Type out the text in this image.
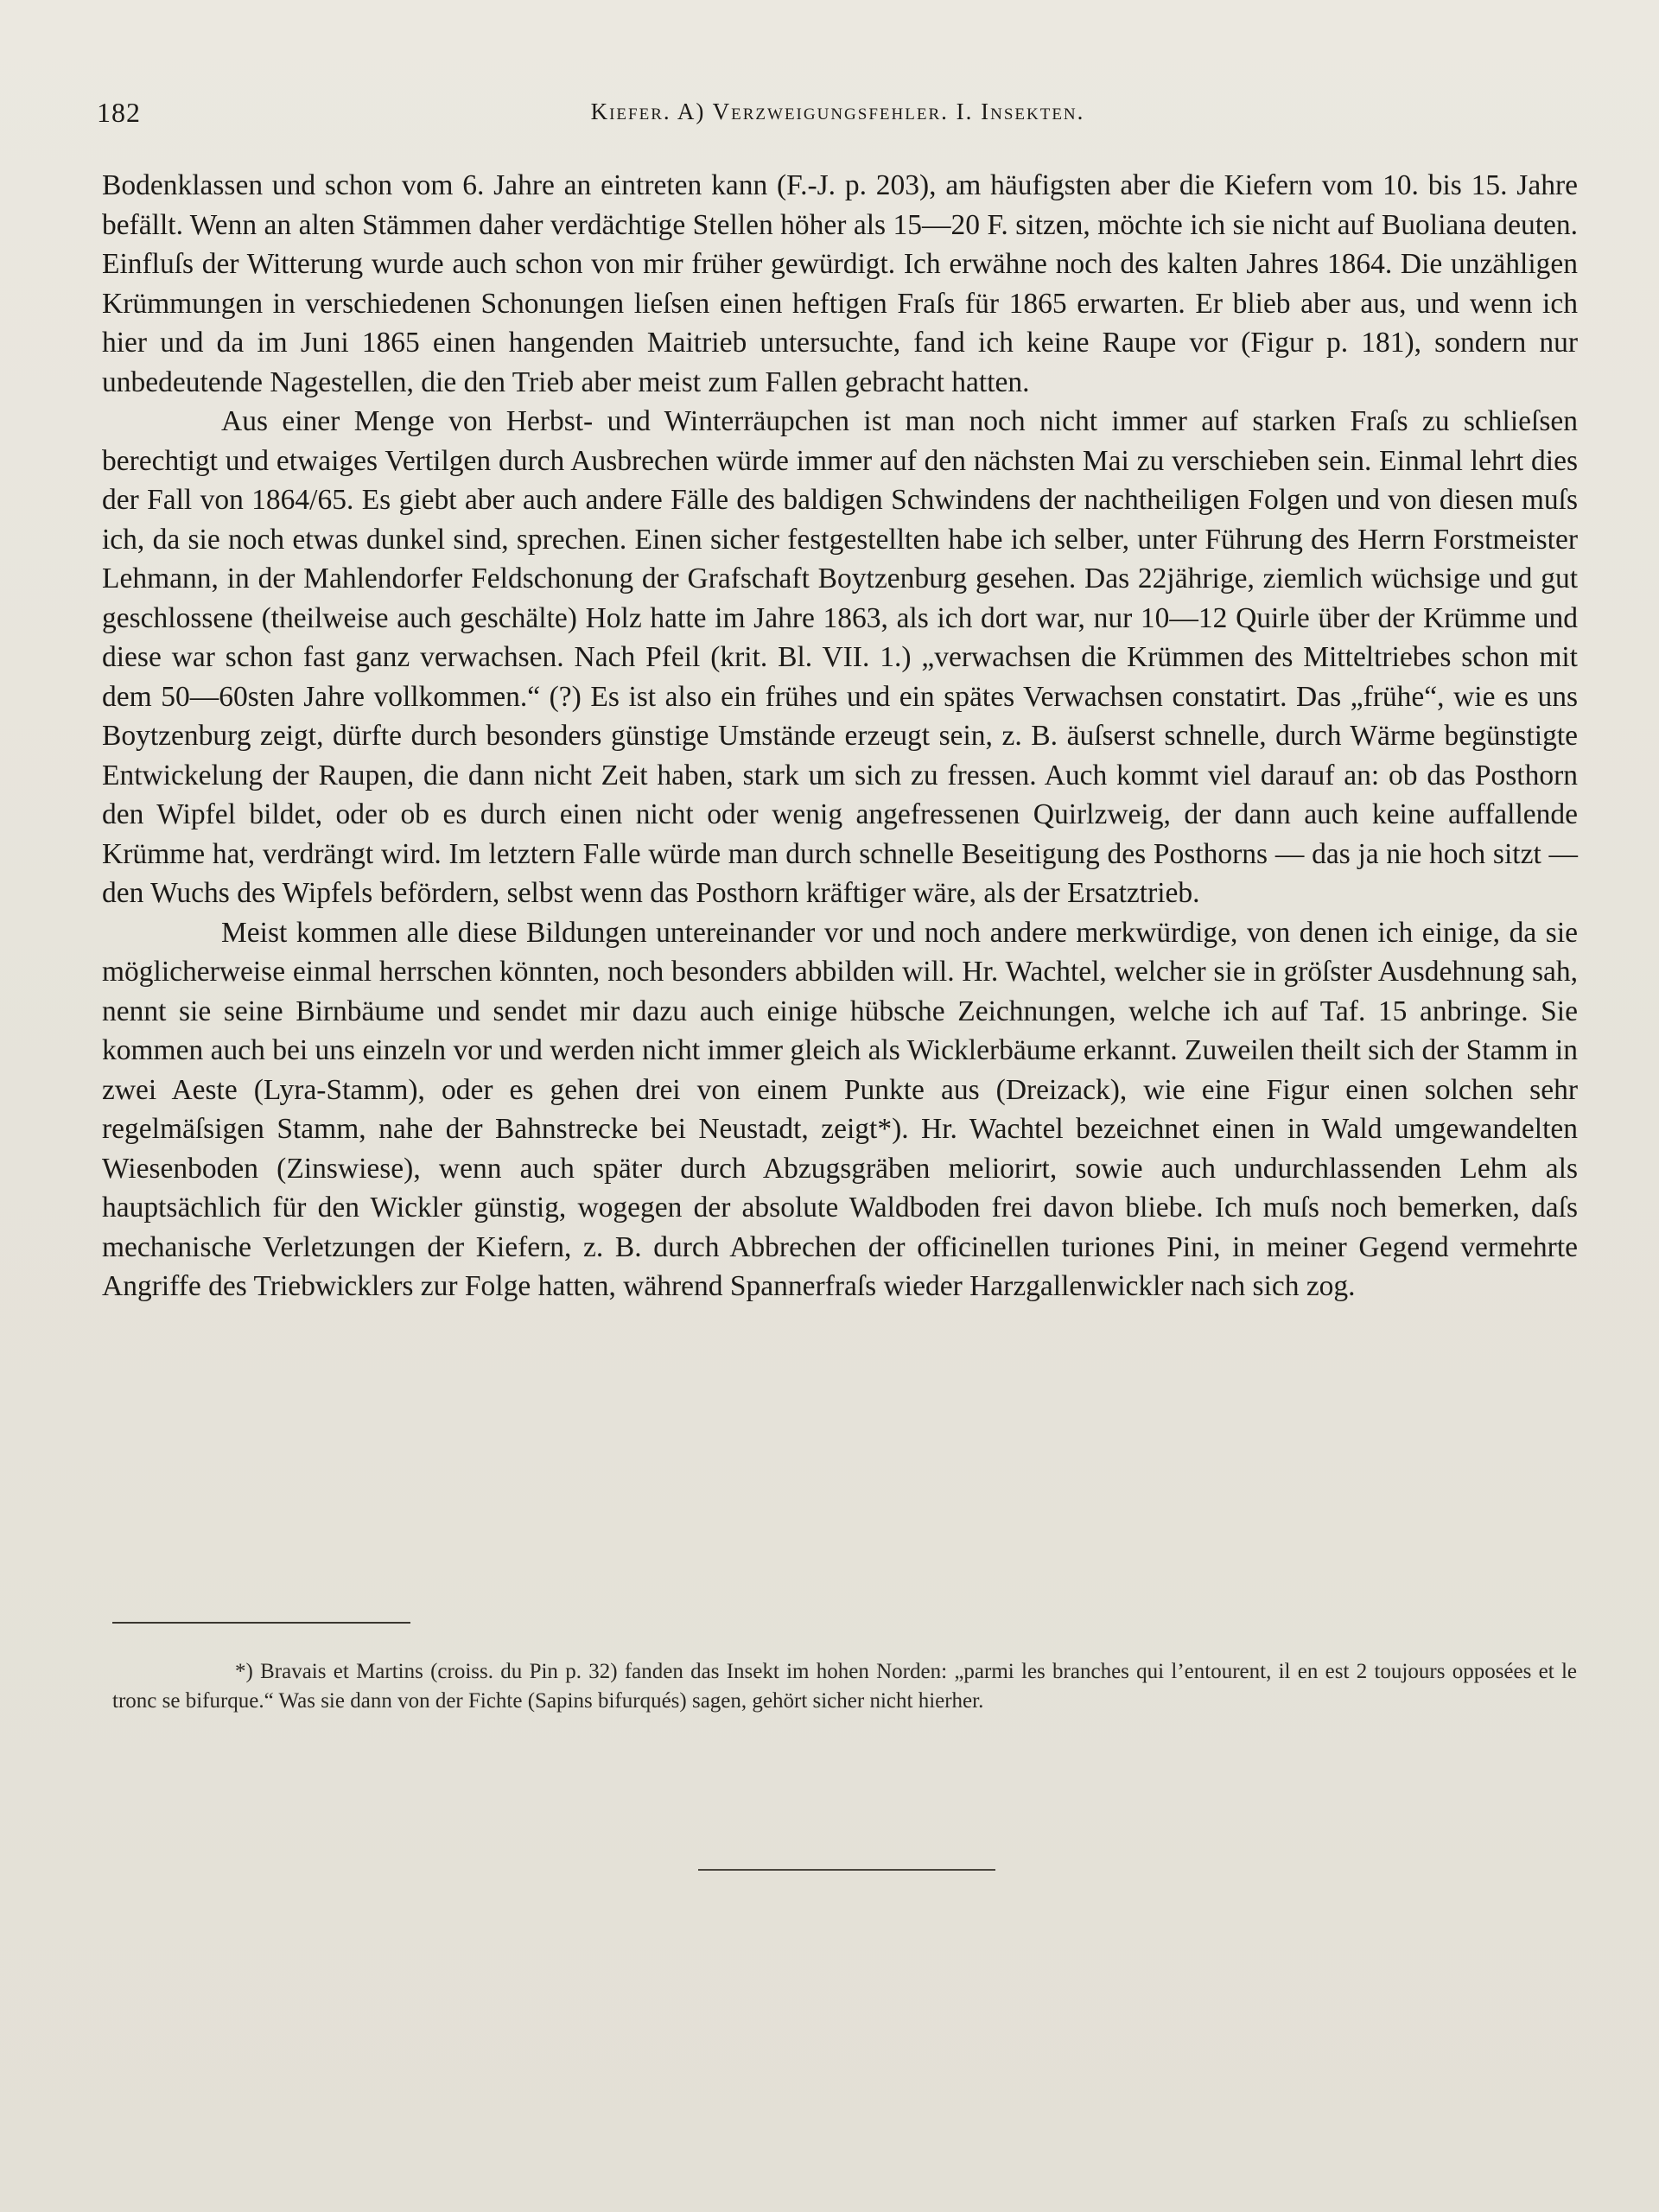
182	Kiefer. A) Verzweigungsfehler. I. Insekten.

Bodenklassen und schon vom 6. Jahre an eintreten kann (F.-J. p. 203), am häufigsten aber die Kiefern vom 10. bis 15. Jahre befällt. Wenn an alten Stämmen daher verdächtige Stellen höher als 15—20 F. sitzen, möchte ich sie nicht auf Buoliana deuten. Einfluſs der Witterung wurde auch schon von mir früher gewürdigt. Ich erwähne noch des kalten Jahres 1864. Die unzähligen Krümmungen in verschiedenen Schonungen lieſsen einen heftigen Fraſs für 1865 erwarten. Er blieb aber aus, und wenn ich hier und da im Juni 1865 einen hangenden Maitrieb untersuchte, fand ich keine Raupe vor (Figur p. 181), sondern nur unbedeutende Nagestellen, die den Trieb aber meist zum Fallen gebracht hatten.

Aus einer Menge von Herbst- und Winterräupchen ist man noch nicht immer auf starken Fraſs zu schlieſsen berechtigt und etwaiges Vertilgen durch Ausbrechen würde immer auf den nächsten Mai zu verschieben sein. Einmal lehrt dies der Fall von 1864/65. Es giebt aber auch andere Fälle des baldigen Schwindens der nachtheiligen Folgen und von diesen muſs ich, da sie noch etwas dunkel sind, sprechen. Einen sicher festgestellten habe ich selber, unter Führung des Herrn Forstmeister Lehmann, in der Mahlendorfer Feldschonung der Grafschaft Boytzenburg gesehen. Das 22jährige, ziemlich wüchsige und gut geschlossene (theilweise auch geschälte) Holz hatte im Jahre 1863, als ich dort war, nur 10—12 Quirle über der Krümme und diese war schon fast ganz verwachsen. Nach Pfeil (krit. Bl. VII. 1.) „verwachsen die Krümmen des Mitteltriebes schon mit dem 50—60sten Jahre vollkommen.“ (?) Es ist also ein frühes und ein spätes Verwachsen constatirt. Das „frühe“, wie es uns Boytzenburg zeigt, dürfte durch besonders günstige Umstände erzeugt sein, z. B. äuſserst schnelle, durch Wärme begünstigte Entwickelung der Raupen, die dann nicht Zeit haben, stark um sich zu fressen. Auch kommt viel darauf an: ob das Posthorn den Wipfel bildet, oder ob es durch einen nicht oder wenig angefressenen Quirlzweig, der dann auch keine auffallende Krümme hat, verdrängt wird. Im letztern Falle würde man durch schnelle Beseitigung des Posthorns — das ja nie hoch sitzt — den Wuchs des Wipfels befördern, selbst wenn das Posthorn kräftiger wäre, als der Ersatztrieb.

Meist kommen alle diese Bildungen untereinander vor und noch andere merkwürdige, von denen ich einige, da sie möglicherweise einmal herrschen könnten, noch besonders abbilden will. Hr. Wachtel, welcher sie in gröſster Ausdehnung sah, nennt sie seine Birnbäume und sendet mir dazu auch einige hübsche Zeichnungen, welche ich auf Taf. 15 anbringe. Sie kommen auch bei uns einzeln vor und werden nicht immer gleich als Wicklerbäume erkannt. Zuweilen theilt sich der Stamm in zwei Aeste (Lyra-Stamm), oder es gehen drei von einem Punkte aus (Dreizack), wie eine Figur einen solchen sehr regelmäſsigen Stamm, nahe der Bahnstrecke bei Neustadt, zeigt*). Hr. Wachtel bezeichnet einen in Wald umgewandelten Wiesenboden (Zinswiese), wenn auch später durch Abzugsgräben meliorirt, sowie auch undurchlassenden Lehm als hauptsächlich für den Wickler günstig, wogegen der absolute Waldboden frei davon bliebe. Ich muſs noch bemerken, daſs mechanische Verletzungen der Kiefern, z. B. durch Abbrechen der officinellen turiones Pini, in meiner Gegend vermehrte Angriffe des Triebwicklers zur Folge hatten, während Spannerfraſs wieder Harzgallenwickler nach sich zog.

*) Bravais et Martins (croiss. du Pin p. 32) fanden das Insekt im hohen Norden: „parmi les branches qui l’entourent, il en est 2 toujours opposées et le tronc se bifurque.“ Was sie dann von der Fichte (Sapins bifurqués) sagen, gehört sicher nicht hierher.
